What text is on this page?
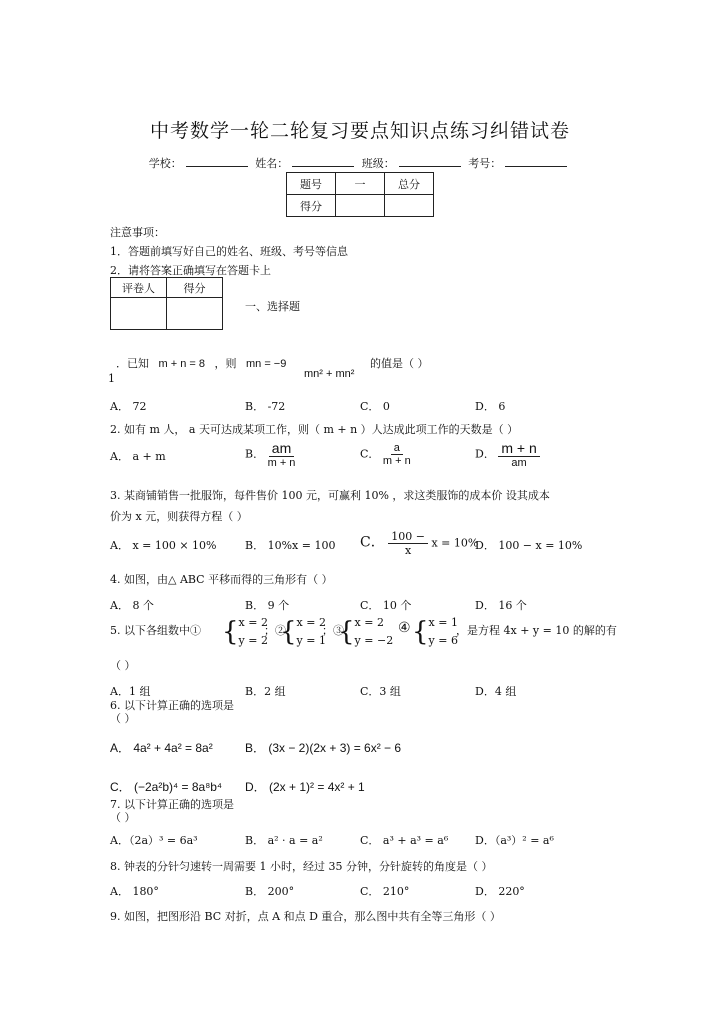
中考数学一轮二轮复习要点知识点练习纠错试卷
学校：	姓名：	班级：	考号：
题号	一	总分
得分		
注意事项：
1．答题前填写好自己的姓名、班级、考号等信息
2．请将答案正确填写在答题卡上
评卷人	得分

一、选择题
．已知 m + n = 8 ，则 mn = −9
mn² + mn²
的值是（ ）
1
A． 72	B． -72	C． 0	D． 6
2. 如有 m 人， a 天可达成某项工作，则（ m + n ）人达成此项工作的天数是（ ）
A． a + m	B． $\frac{am}{m + n}$	C． $\frac{a}{m + n}$	D． $\frac{m + n}{am}$
3. 某商铺销售一批服饰，每件售价 100 元，可赢利 10% ，求这类服饰的成本价 设其成本
价为 x 元，则获得方程（ ）
A． x = 100 × 10%	B． 10%x = 100 C． $\frac{100 -}{x}$ x = 10%
D． 100 − x = 10%
4. 如图，由△ ABC 平移而得的三角形有（ ）
A． 8 个	B． 9 个	C． 10 个	D． 16 个
5. 以下各组数中① { x = 2
y = 2
；②
{ x = 2
y = 1
；③
{ x = 2
y = −2
④ { x = 1
y = 6
，是方程 4x + y = 10 的解的有
（ ）
A．1 组	B．2 组	C．3 组	D．4 组
6. 以下计算正确的选项是
（ ）
A． 4a² + 4a² = 8a²	B． (3x − 2)(2x + 3) = 6x² − 6
C． (−2a²b)⁴ = 8a⁸b⁴ D． (2x + 1)² = 4x² + 1
7. 以下计算正确的选项是
（ ）
A．（2a）³ = 6a³	B． a² · a = a²	C． a³ + a³ = a⁶ D．（a³）² = a⁶
8. 钟表的分针匀速转一周需要 1 小时，经过 35 分钟，分针旋转的角度是（ ）
A． 180°	B． 200°	C． 210°	D． 220°
9. 如图，把图形沿 BC 对折，点 A 和点 D 重合，那么图中共有全等三角形（ ）
